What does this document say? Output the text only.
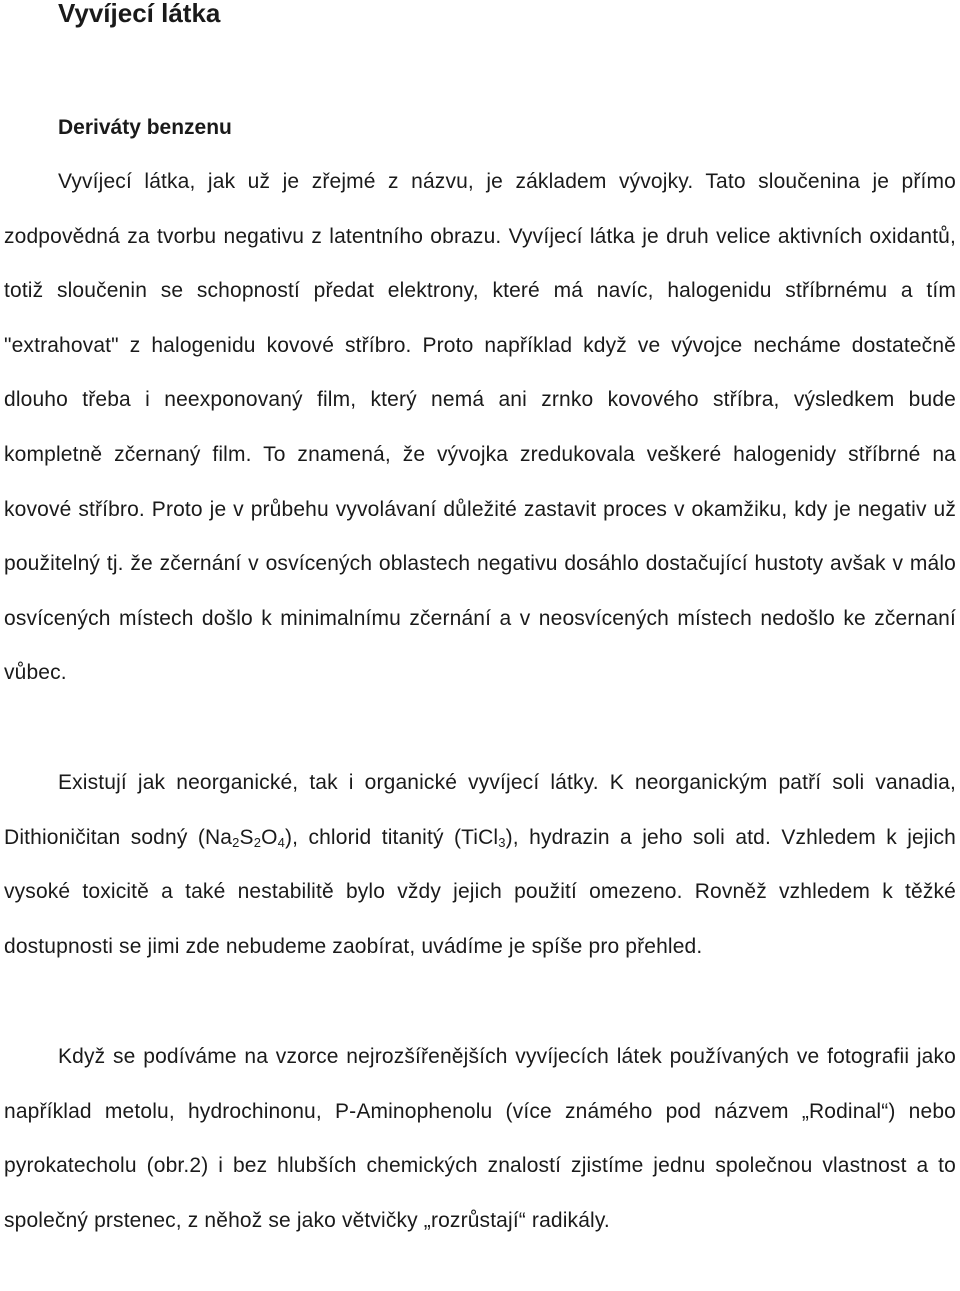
Vyvíjecí látka
Deriváty benzenu

Vyvíjecí látka, jak už je zřejmé z názvu, je základem vývojky. Tato sloučenina je přímo zodpovědná za tvorbu negativu z latentního obrazu. Vyvíjecí látka je druh velice aktivních oxidantů, totiž sloučenin se schopností předat elektrony, které má navíc, halogenidu stříbrnému a tím "extrahovat" z halogenidu kovové stříbro. Proto například když ve vývojce necháme dostatečně dlouho třeba i neexponovaný film, který nemá ani zrnko kovového stříbra, výsledkem bude kompletně zčernaný film. To znamená, že vývojka zredukovala veškeré halogenidy stříbrné na kovové stříbro. Proto je v průbehu vyvolávaní důležité zastavit proces v okamžiku, kdy je negativ už použitelný tj. že zčernání v osvícených oblastech negativu dosáhlo dostačující hustoty avšak v málo osvícených místech došlo k minimalnímu zčernání a v neosvícených místech nedošlo ke zčernaní vůbec.

Existují jak neorganické, tak i organické vyvíjecí látky. K neorganickým patří soli vanadia, Dithioničitan sodný $(Na_2S_2O_4)$, chlorid titanitý (TiCl$_3$), hydrazin a jeho soli atd. Vzhledem k jejich vysoké toxicitě a také nestabilitě bylo vždy jejich použití omezeno. Rovněž vzhledem k těžké dostupnosti se jimi zde nebudeme zaobírat, uvádíme je spíše pro přehled.

Když se podíváme na vzorce nejrozšířenějších vyvíjecích látek používaných ve fotografii jako například metolu, hydrochinonu, P-Aminophenolu (více známého pod názvem „Rodinal“) nebo pyrokatecholu (obr.2) i bez hlubších chemických znalostí zjistíme jednu společnou vlastnost a to společný prstenec, z něhož se jako větvičky „rozrůstají“ radikály.
